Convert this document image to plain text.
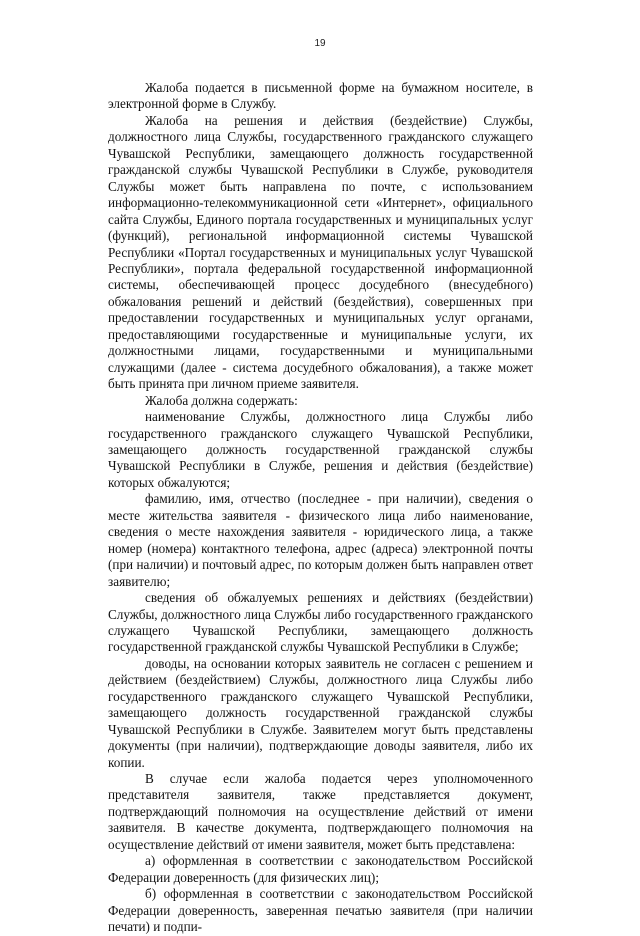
19

Жалоба подается в письменной форме на бумажном носителе, в электронной форме в Службу.

Жалоба на решения и действия (бездействие) Службы, должностного лица Службы, государственного гражданского служащего Чувашской Республики, замещающего должность государственной гражданской службы Чувашской Республики в Службе, руководителя Службы может быть направлена по почте, с использованием информационно-телекоммуникационной сети «Интернет», официального сайта Службы, Единого портала государственных и муниципальных услуг (функций), региональной информационной системы Чувашской Республики «Портал государственных и муниципальных услуг Чувашской Республики», портала федеральной государственной информационной системы, обеспечивающей процесс досудебного (внесудебного) обжалования решений и действий (бездействия), совершенных при предоставлении государственных и муниципальных услуг органами, предоставляющими государственные и муниципальные услуги, их должностными лицами, государственными и муниципальными служащими (далее - система досудебного обжалования), а также может быть принята при личном приеме заявителя.

Жалоба должна содержать:

наименование Службы, должностного лица Службы либо государственного гражданского служащего Чувашской Республики, замещающего должность государственной гражданской службы Чувашской Республики в Службе, решения и действия (бездействие) которых обжалуются;

фамилию, имя, отчество (последнее - при наличии), сведения о месте жительства заявителя - физического лица либо наименование, сведения о месте нахождения заявителя - юридического лица, а также номер (номера) контактного телефона, адрес (адреса) электронной почты (при наличии) и почтовый адрес, по которым должен быть направлен ответ заявителю;

сведения об обжалуемых решениях и действиях (бездействии) Службы, должностного лица Службы либо государственного гражданского служащего Чувашской Республики, замещающего должность государственной гражданской службы Чувашской Республики в Службе;

доводы, на основании которых заявитель не согласен с решением и действием (бездействием) Службы, должностного лица Службы либо государственного гражданского служащего Чувашской Республики, замещающего должность государственной гражданской службы Чувашской Республики в Службе. Заявителем могут быть представлены документы (при наличии), подтверждающие доводы заявителя, либо их копии.

В случае если жалоба подается через уполномоченного представителя заявителя, также представляется документ, подтверждающий полномочия на осуществление действий от имени заявителя. В качестве документа, подтверждающего полномочия на осуществление действий от имени заявителя, может быть представлена:

а) оформленная в соответствии с законодательством Российской Федерации доверенность (для физических лиц);

б) оформленная в соответствии с законодательством Российской Федерации доверенность, заверенная печатью заявителя (при наличии печати) и подпи-
